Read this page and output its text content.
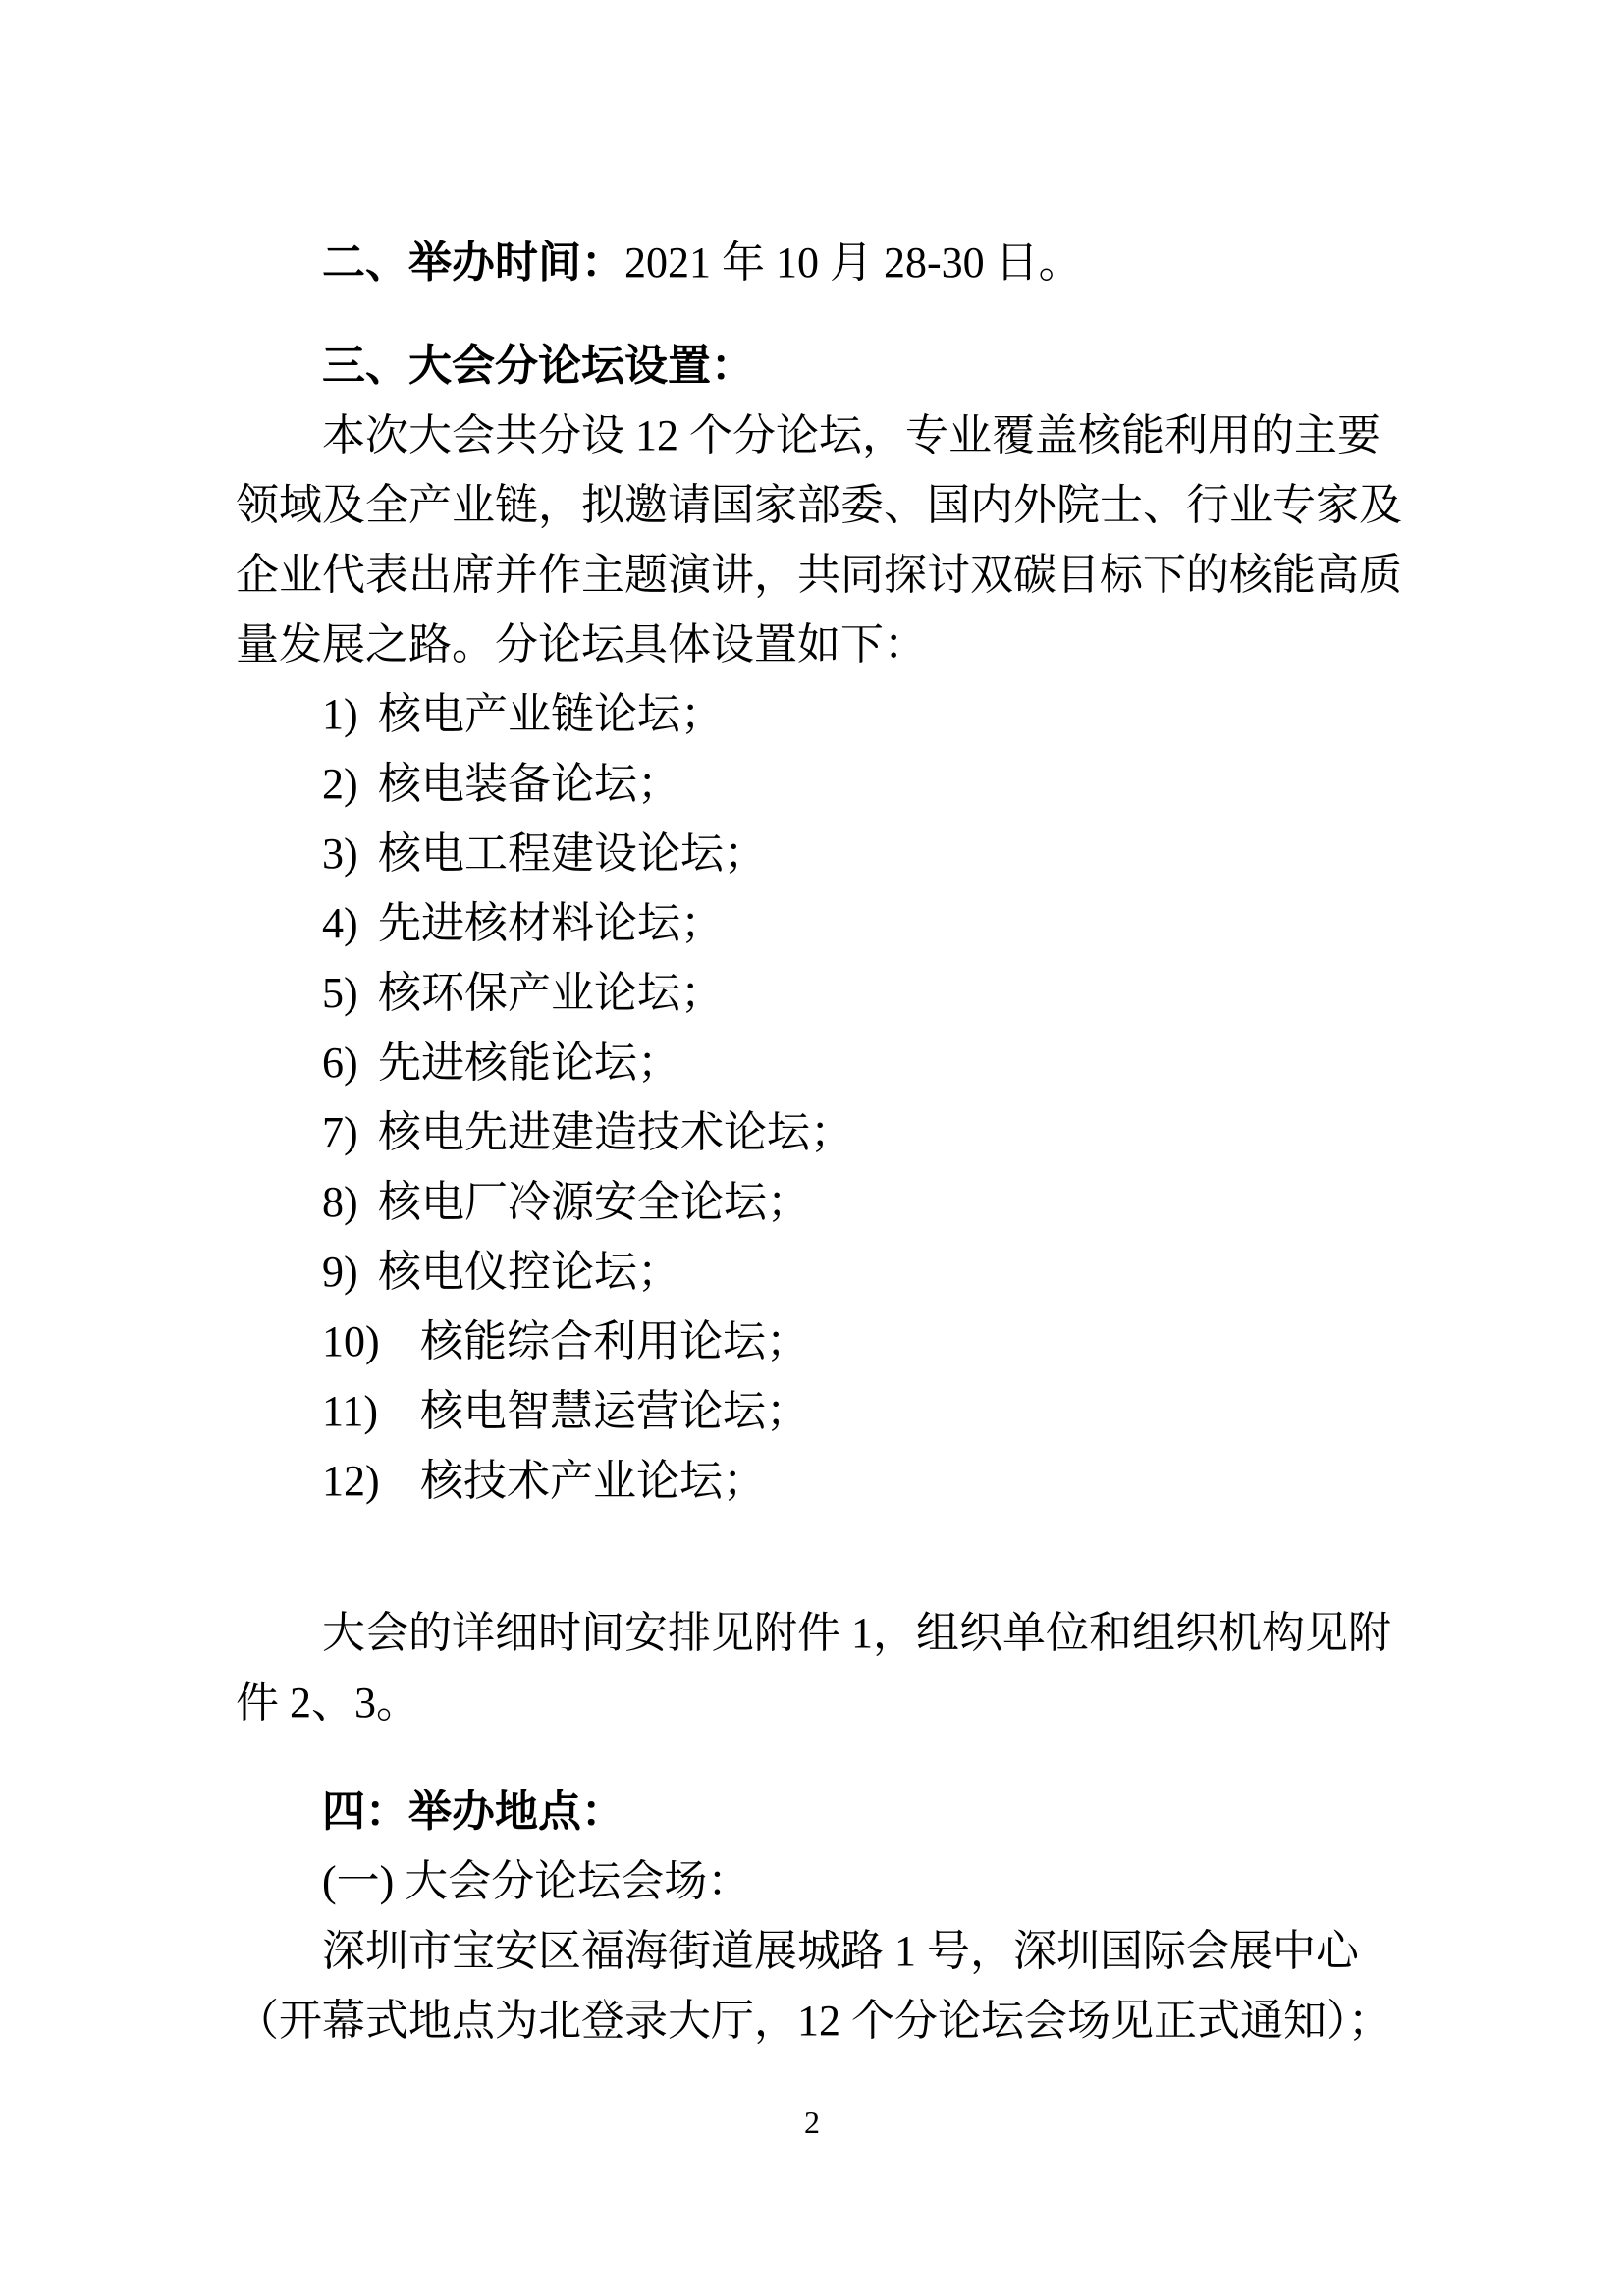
二、举办时间：2021 年 10 月 28-30 日。
三、大会分论坛设置：
本次大会共分设 12 个分论坛，专业覆盖核能利用的主要
领域及全产业链，拟邀请国家部委、国内外院士、行业专家及
企业代表出席并作主题演讲，共同探讨双碳目标下的核能高质
量发展之路。分论坛具体设置如下：
1) 核电产业链论坛；
2) 核电装备论坛；
3) 核电工程建设论坛；
4) 先进核材料论坛；
5) 核环保产业论坛；
6) 先进核能论坛；
7) 核电先进建造技术论坛；
8) 核电厂冷源安全论坛；
9) 核电仪控论坛；
10) 核能综合利用论坛；
11) 核电智慧运营论坛；
12) 核技术产业论坛；
大会的详细时间安排见附件 1，组织单位和组织机构见附
件 2、3。
四：举办地点：
(一) 大会分论坛会场：
深圳市宝安区福海街道展城路 1 号，深圳国际会展中心
（开幕式地点为北登录大厅，12 个分论坛会场见正式通知）；
2
